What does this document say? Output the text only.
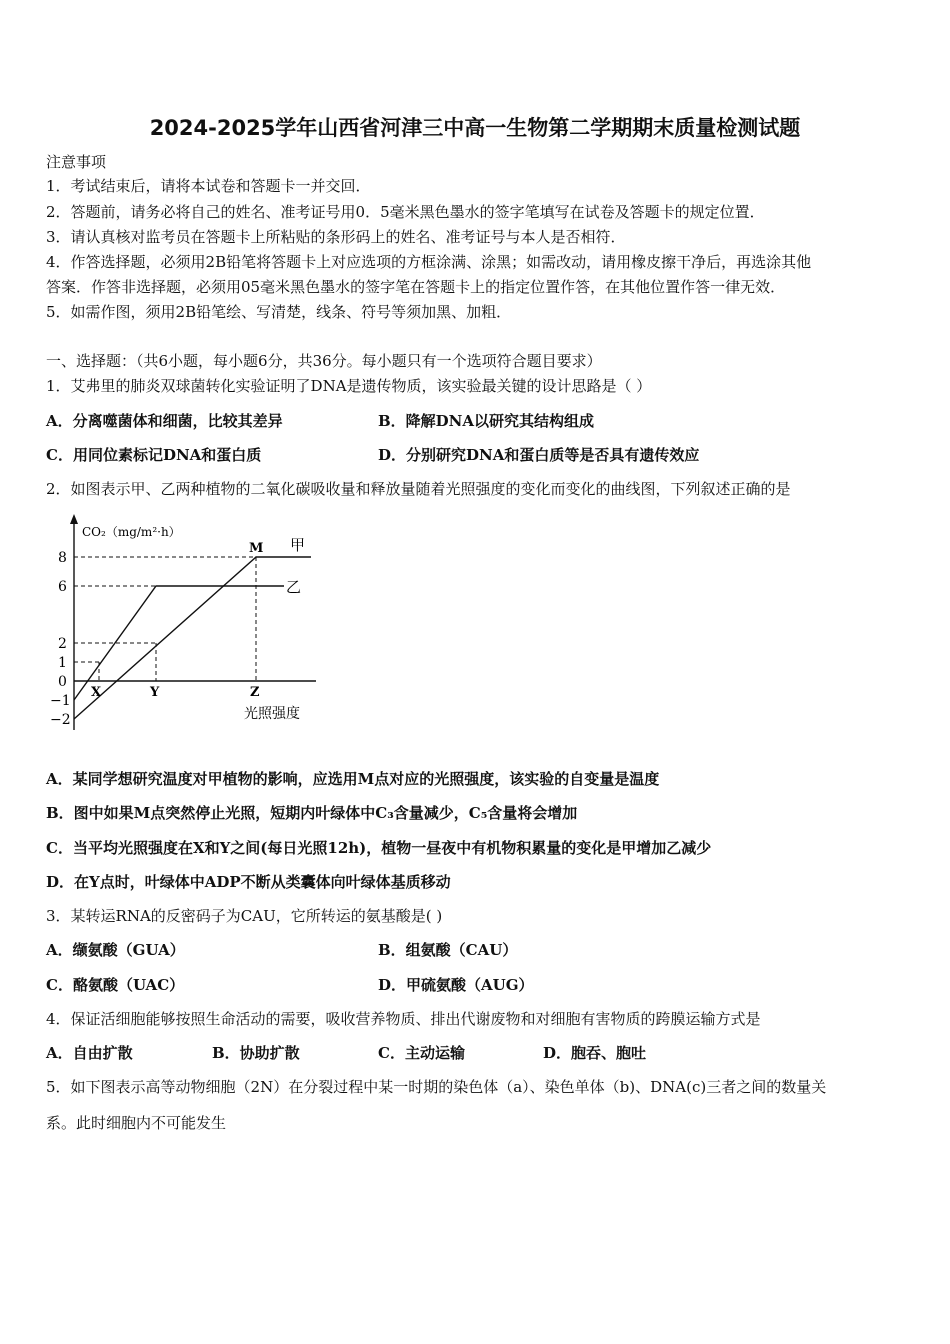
2024-2025学年山西省河津三中高一生物第二学期期末质量检测试题
注意事项
1．考试结束后，请将本试卷和答题卡一并交回．
2．答题前，请务必将自己的姓名、准考证号用0．5毫米黑色墨水的签字笔填写在试卷及答题卡的规定位置．
3．请认真核对监考员在答题卡上所粘贴的条形码上的姓名、准考证号与本人是否相符．
4．作答选择题，必须用2B铅笔将答题卡上对应选项的方框涂满、涂黑；如需改动，请用橡皮擦干净后，再选涂其他
答案．作答非选择题，必须用05毫米黑色墨水的签字笔在答题卡上的指定位置作答，在其他位置作答一律无效．
5．如需作图，须用2B铅笔绘、写清楚，线条、符号等须加黑、加粗．
一、选择题：（共6小题，每小题6分，共36分。每小题只有一个选项符合题目要求）
1．艾弗里的肺炎双球菌转化实验证明了DNA是遗传物质，该实验最关键的设计思路是（ ）
A．分离噬菌体和细菌，比较其差异	B．降解DNA以研究其结构组成
C．用同位素标记DNA和蛋白质	D．分别研究DNA和蛋白质等是否具有遗传效应
2．如图表示甲、乙两种植物的二氧化碳吸收量和释放量随着光照强度的变化而变化的曲线图，下列叙述正确的是
CO₂（mg/m²·h）
8
6
2
1
0
−1
−2
X	Y	Z
光照强度
M 甲
乙
A．某同学想研究温度对甲植物的影响，应选用M点对应的光照强度，该实验的自变量是温度
B．图中如果M点突然停止光照，短期内叶绿体中C₃含量减少，C₅含量将会增加
C．当平均光照强度在X和Y之间(每日光照12h)，植物一昼夜中有机物积累量的变化是甲增加乙减少
D．在Y点时，叶绿体中ADP不断从类囊体向叶绿体基质移动
3．某转运RNA的反密码子为CAU，它所转运的氨基酸是( )
A．缬氨酸（GUA）	B．组氨酸（CAU）
C．酪氨酸（UAC）	D．甲硫氨酸（AUG）
4．保证活细胞能够按照生命活动的需要，吸收营养物质、排出代谢废物和对细胞有害物质的跨膜运输方式是
A．自由扩散	B．协助扩散	C．主动运输	D．胞吞、胞吐
5．如下图表示高等动物细胞（2N）在分裂过程中某一时期的染色体（a）、染色单体（b)、DNA(c)三者之间的数量关
系。此时细胞内不可能发生
